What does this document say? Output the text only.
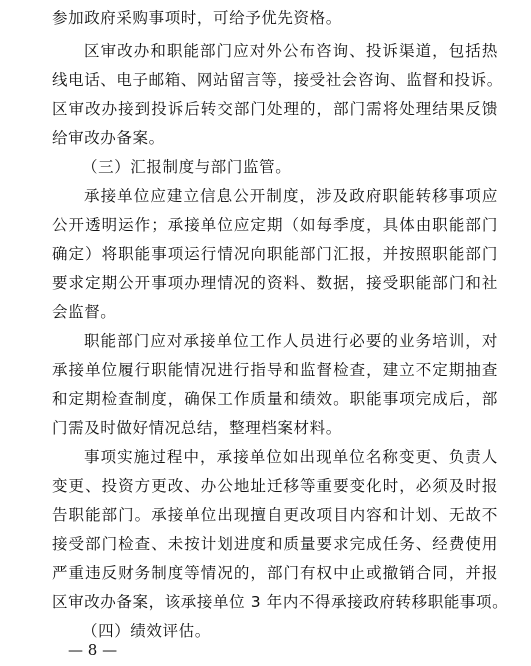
参加政府采购事项时，可给予优先资格。
区审改办和职能部门应对外公布咨询、投诉渠道，包括热
线电话、电子邮箱、网站留言等，接受社会咨询、监督和投诉。
区审改办接到投诉后转交部门处理的，部门需将处理结果反馈
给审改办备案。
（三）汇报制度与部门监管。
承接单位应建立信息公开制度，涉及政府职能转移事项应
公开透明运作；承接单位应定期（如每季度，具体由职能部门
确定）将职能事项运行情况向职能部门汇报，并按照职能部门
要求定期公开事项办理情况的资料、数据，接受职能部门和社
会监督。
职能部门应对承接单位工作人员进行必要的业务培训，对
承接单位履行职能情况进行指导和监督检查，建立不定期抽查
和定期检查制度，确保工作质量和绩效。职能事项完成后，部
门需及时做好情况总结，整理档案材料。
事项实施过程中，承接单位如出现单位名称变更、负责人
变更、投资方更改、办公地址迁移等重要变化时，必须及时报
告职能部门。承接单位出现擅自更改项目内容和计划、无故不
接受部门检查、未按计划进度和质量要求完成任务、经费使用
严重违反财务制度等情况的，部门有权中止或撤销合同，并报
区审改办备案，该承接单位 3 年内不得承接政府转移职能事项。
（四）绩效评估。
— 8 —
